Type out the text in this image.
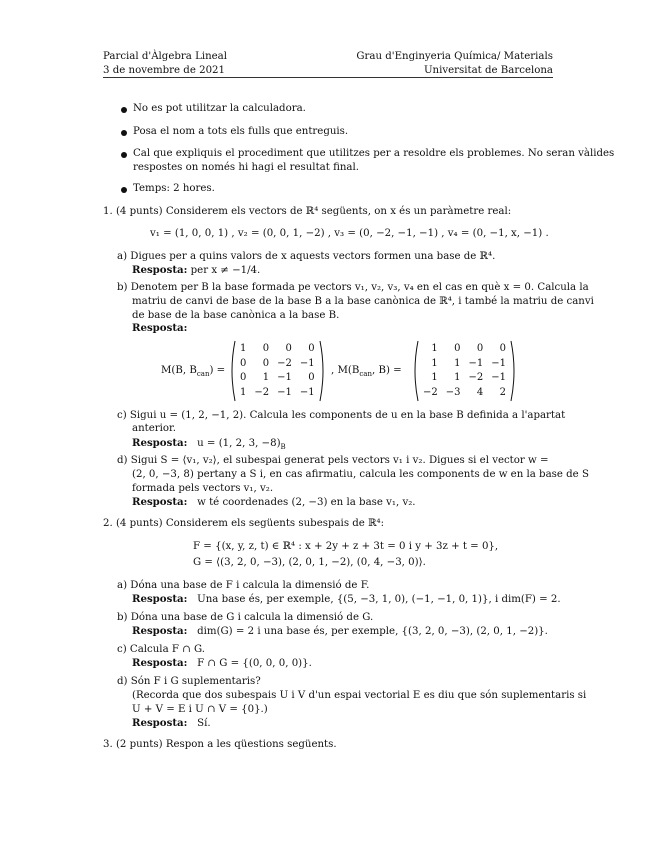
Parcial d'Àlgebra Lineal
3 de novembre de 2021
Grau d'Enginyeria Química/ Materials
Universitat de Barcelona
No es pot utilitzar la calculadora.
Posa el nom a tots els fulls que entreguis.
Cal que expliquis el procediment que utilitzes per a resoldre els problemes. No seran vàlides
respostes on només hi hagi el resultat final.
Temps: 2 hores.
1. (4 punts) Considerem els vectors de ℝ⁴ següents, on x és un paràmetre real:
v₁ = (1, 0, 0, 1) , v₂ = (0, 0, 1, −2) , v₃ = (0, −2, −1, −1) , v₄ = (0, −1, x, −1) .
a) Digues per a quins valors de x aquests vectors formen una base de ℝ⁴.
Resposta: per x ≠ −1/4.
b) Denotem per B la base formada pe vectors v₁, v₂, v₃, v₄ en el cas en què x = 0. Calcula la
matriu de canvi de base de la base B a la base canònica de ℝ⁴, i també la matriu de canvi
de base de la base canònica a la base B.
Resposta:
M(B, $B_{can}$) =
1	0	0	0
0	0	−2	−1
0	1	−1	0
1	−2	−1	−1
, $M(B_{can}$, B) =
1	0	0	0
1	1	−1	−1
1	1	−2	−1
−2	−3	4	2
c) Sigui u = (1, 2, −1, 2). Calcula les components de u en la base B definida a l'apartat
anterior.
Resposta: u = (1, 2, 3, $-8)_B$
d) Sigui S = ⟨v₁, v₂⟩, el subespai generat pels vectors v₁ i v₂. Digues si el vector w =
(2, 0, −3, 8) pertany a S i, en cas afirmatiu, calcula les components de w en la base de S
formada pels vectors v₁, v₂.
Resposta: w té coordenades (2, −3) en la base v₁, v₂.
2. (4 punts) Considerem els següents subespais de ℝ⁴:
F = {(x, y, z, t) ∈ ℝ⁴ : x + 2y + z + 3t = 0 i y + 3z + t = 0},
G = ⟨(3, 2, 0, −3), (2, 0, 1, −2), (0, 4, −3, 0)⟩.
a) Dóna una base de F i calcula la dimensió de F.
Resposta: Una base és, per exemple, {(5, −3, 1, 0), (−1, −1, 0, 1)}, i dim(F) = 2.
b) Dóna una base de G i calcula la dimensió de G.
Resposta: dim(G) = 2 i una base és, per exemple, {(3, 2, 0, −3), (2, 0, 1, −2)}.
c) Calcula F ∩ G.
Resposta: F ∩ G = {(0, 0, 0, 0)}.
d) Són F i G suplementaris?
(Recorda que dos subespais U i V d'un espai vectorial E es diu que són suplementaris si
U + V = E i U ∩ V = {0}.)
Resposta: Sí.
3. (2 punts) Respon a les qüestions següents.
